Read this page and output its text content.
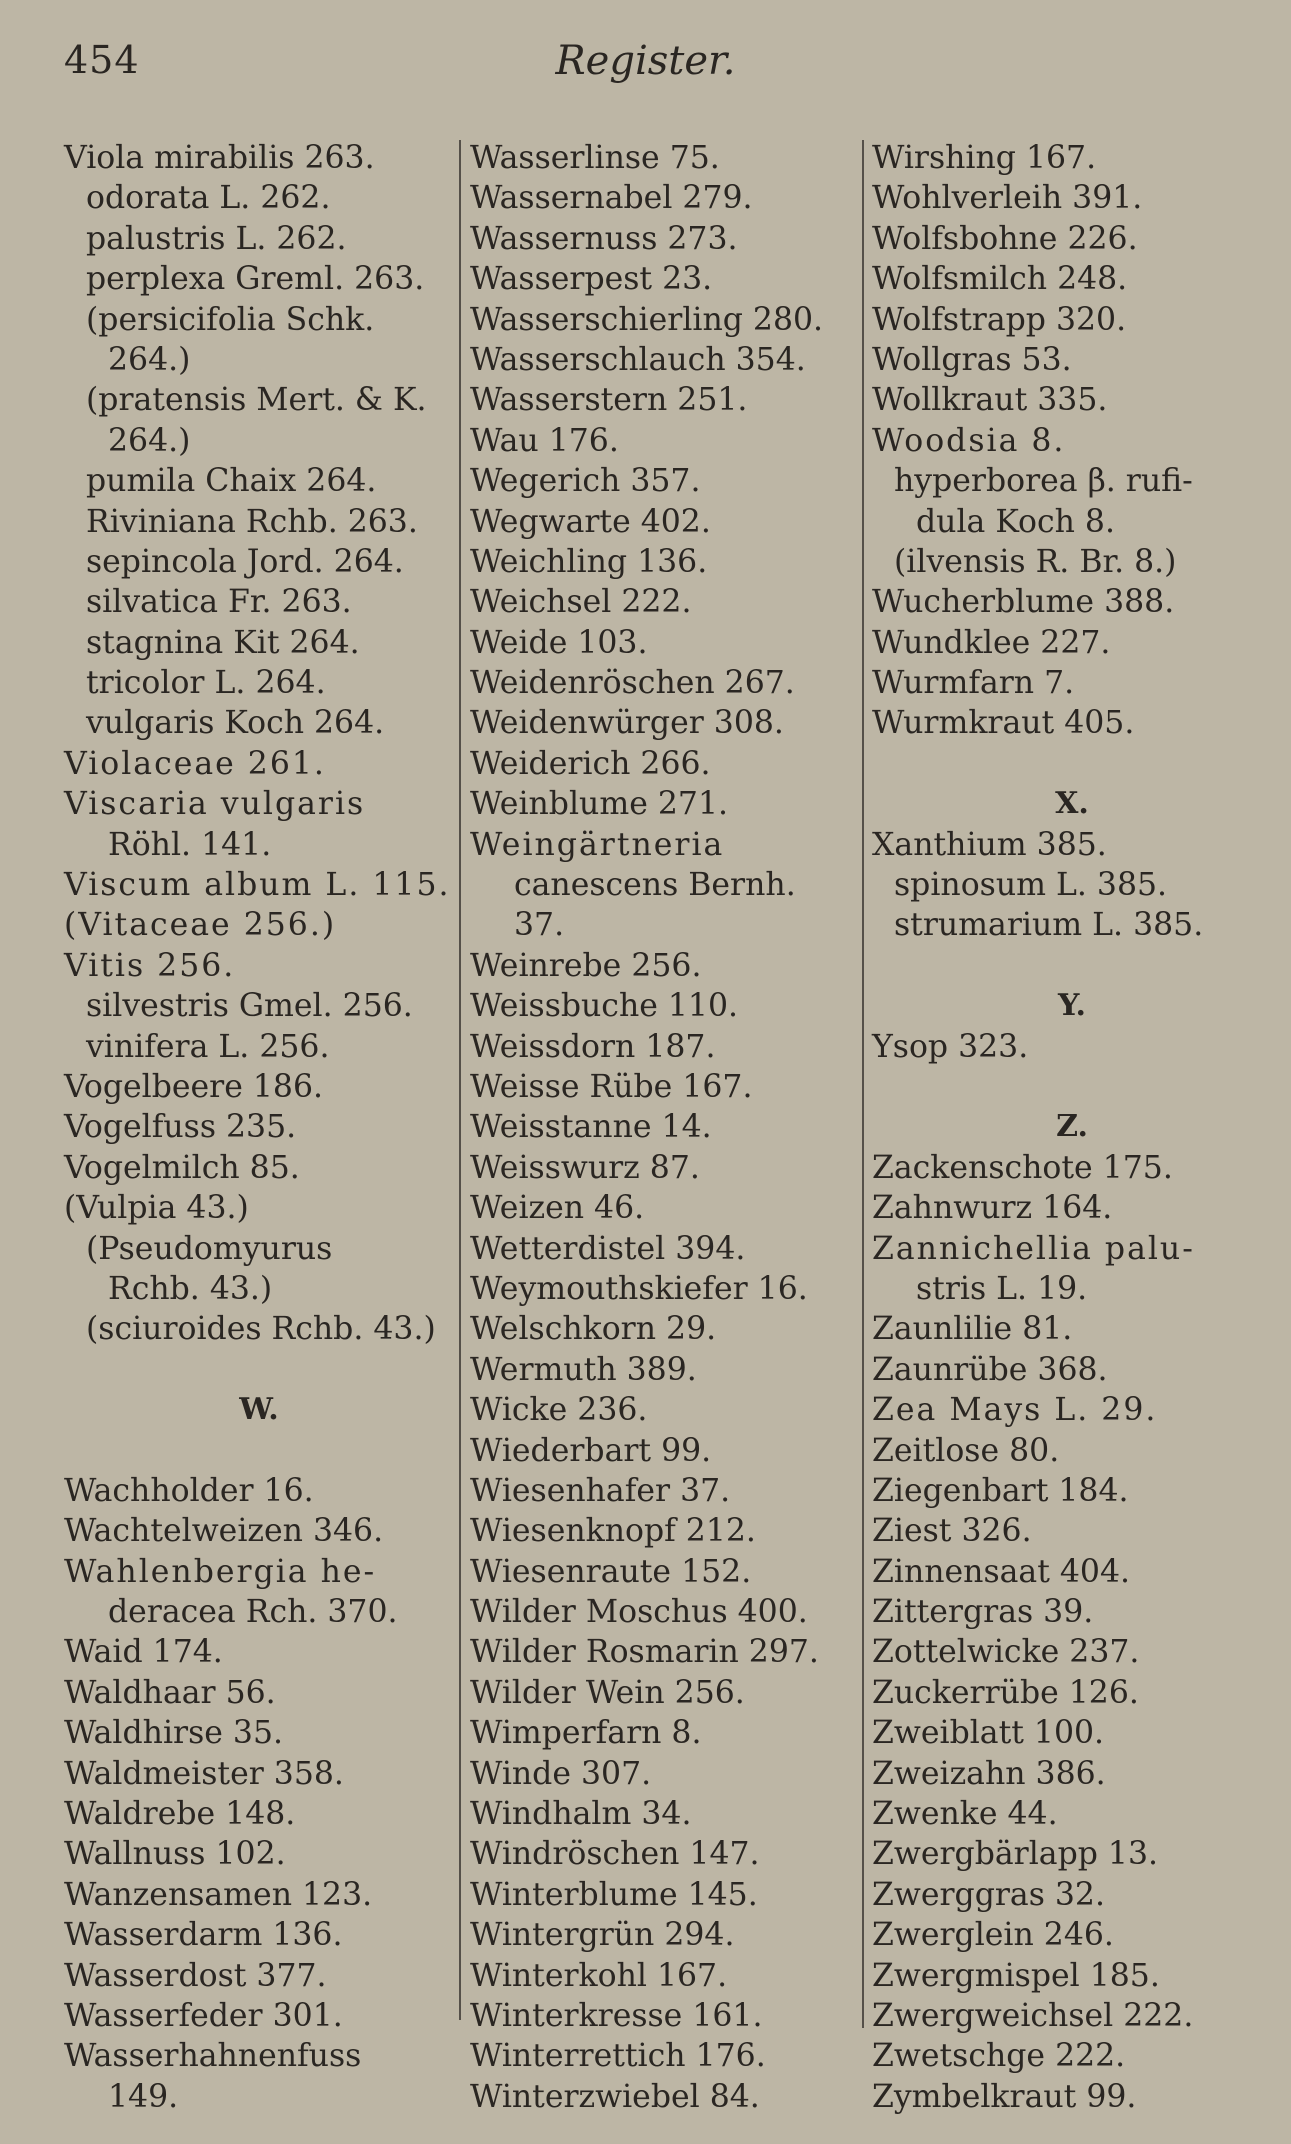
454	Register.
Viola mirabilis 263.
odorata L. 262.
palustris L. 262.
perplexa Greml. 263.
(persicifolia Schk.
264.)
(pratensis Mert. & K.
264.)
pumila Chaix 264.
Riviniana Rchb. 263.
sepincola Jord. 264.
silvatica Fr. 263.
stagnina Kit 264.
tricolor L. 264.
vulgaris Koch 264.
Violaceae 261.
Viscaria vulgaris
Röhl. 141.
Viscum album L. 115.
(Vitaceae 256.)
Vitis 256.
silvestris Gmel. 256.
vinifera L. 256.
Vogelbeere 186.
Vogelfuss 235.
Vogelmilch 85.
(Vulpia 43.)
(Pseudomyurus
Rchb. 43.)
(sciuroides Rchb. 43.)
W.
Wachholder 16.
Wachtelweizen 346.
Wahlenbergia he-
deracea Rch. 370.
Waid 174.
Waldhaar 56.
Waldhirse 35.
Waldmeister 358.
Waldrebe 148.
Wallnuss 102.
Wanzensamen 123.
Wasserdarm 136.
Wasserdost 377.
Wasserfeder 301.
Wasserhahnenfuss
149.
Wasserlinse 75.
Wassernabel 279.
Wassernuss 273.
Wasserpest 23.
Wasserschierling 280.
Wasserschlauch 354.
Wasserstern 251.
Wau 176.
Wegerich 357.
Wegwarte 402.
Weichling 136.
Weichsel 222.
Weide 103.
Weidenröschen 267.
Weidenwürger 308.
Weiderich 266.
Weinblume 271.
Weingärtneria
canescens Bernh.
37.
Weinrebe 256.
Weissbuche 110.
Weissdorn 187.
Weisse Rübe 167.
Weisstanne 14.
Weisswurz 87.
Weizen 46.
Wetterdistel 394.
Weymouthskiefer 16.
Welschkorn 29.
Wermuth 389.
Wicke 236.
Wiederbart 99.
Wiesenhafer 37.
Wiesenknopf 212.
Wiesenraute 152.
Wilder Moschus 400.
Wilder Rosmarin 297.
Wilder Wein 256.
Wimperfarn 8.
Winde 307.
Windhalm 34.
Windröschen 147.
Winterblume 145.
Wintergrün 294.
Winterkohl 167.
Winterkresse 161.
Winterrettich 176.
Winterzwiebel 84.
Wirshing 167.
Wohlverleih 391.
Wolfsbohne 226.
Wolfsmilch 248.
Wolfstrapp 320.
Wollgras 53.
Wollkraut 335.
Woodsia 8.
hyperborea β. rufi-
dula Koch 8.
(ilvensis R. Br. 8.)
Wucherblume 388.
Wundklee 227.
Wurmfarn 7.
Wurmkraut 405.
X.
Xanthium 385.
spinosum L. 385.
strumarium L. 385.
Y.
Ysop 323.
Z.
Zackenschote 175.
Zahnwurz 164.
Zannichellia palu-
stris L. 19.
Zaunlilie 81.
Zaunrübe 368.
Zea Mays L. 29.
Zeitlose 80.
Ziegenbart 184.
Ziest 326.
Zinnensaat 404.
Zittergras 39.
Zottelwicke 237.
Zuckerrübe 126.
Zweiblatt 100.
Zweizahn 386.
Zwenke 44.
Zwergbärlapp 13.
Zwerggras 32.
Zwerglein 246.
Zwergmispel 185.
Zwergweichsel 222.
Zwetschge 222.
Zymbelkraut 99.
